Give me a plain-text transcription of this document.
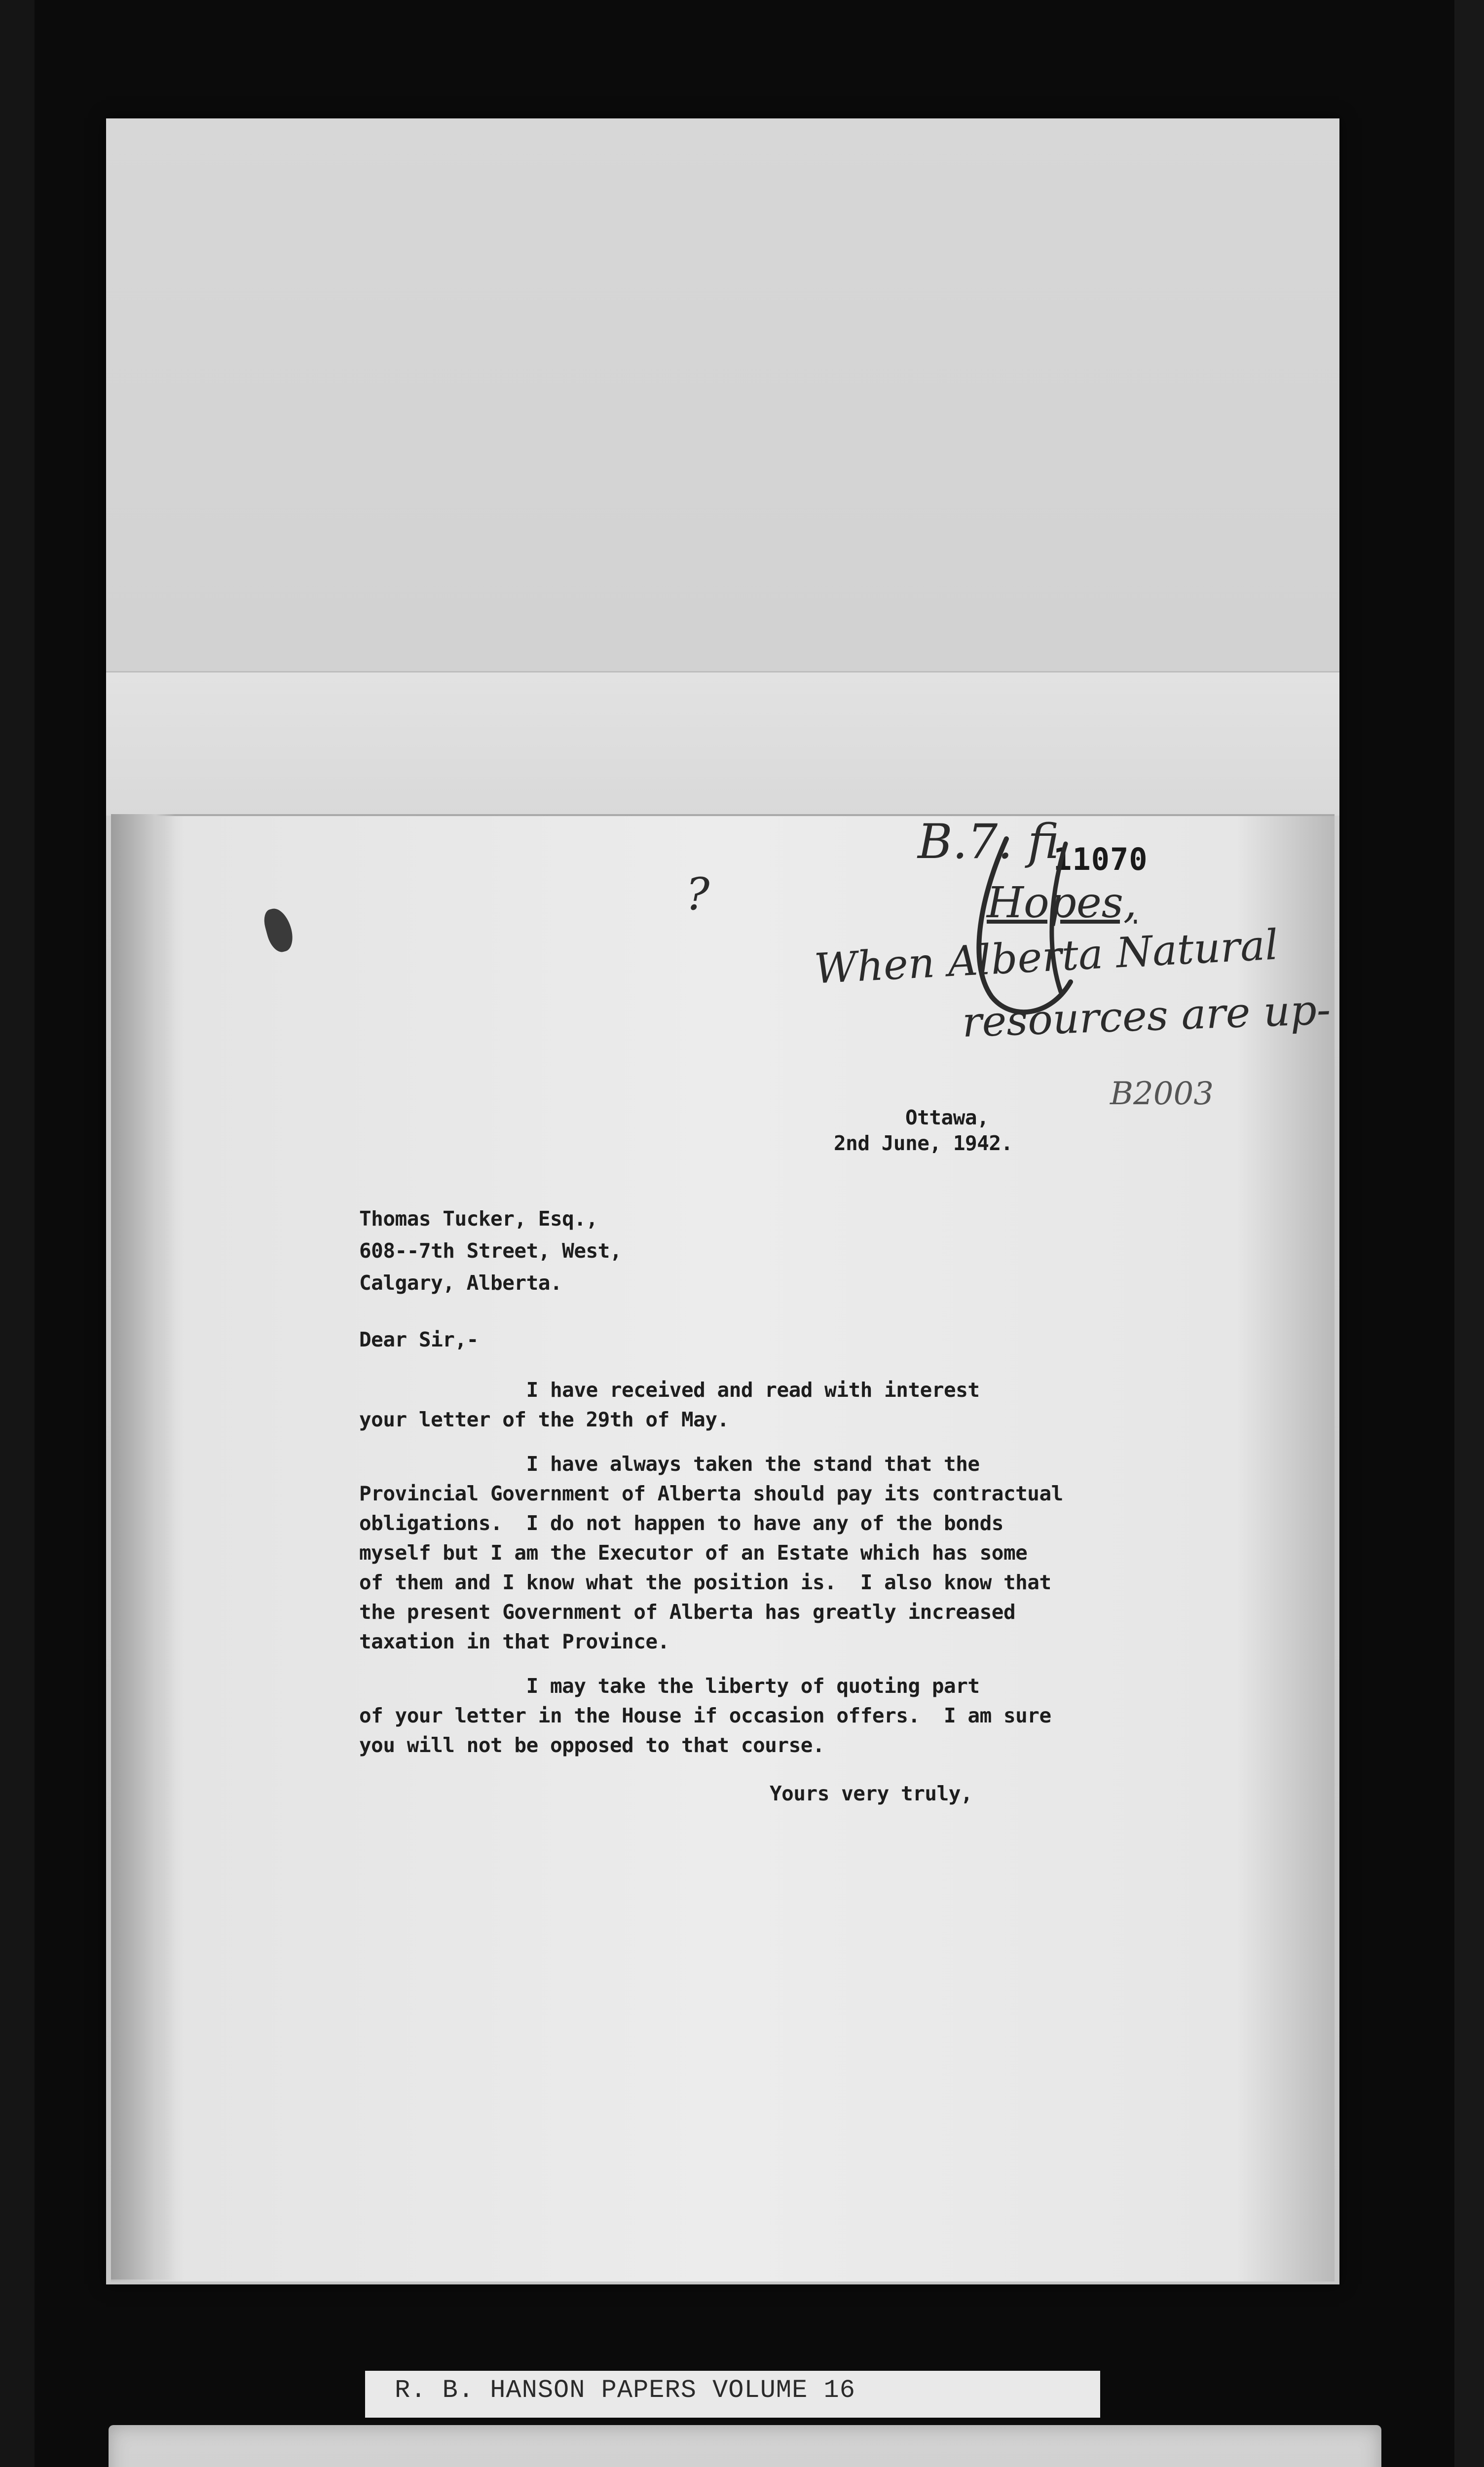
B.7. fi
11070
?	Hopes,
When Alberta Natural
resources are up-
B2003
Ottawa,
2nd June, 1942.
Thomas Tucker, Esq.,
608--7th Street, West,
Calgary, Alberta.
Dear Sir,-
I have received and read with interest
your letter of the 29th of May.
I have always taken the stand that the
Provincial Government of Alberta should pay its contractual
obligations.  I do not happen to have any of the bonds
myself but I am the Executor of an Estate which has some
of them and I know what the position is.  I also know that
the present Government of Alberta has greatly increased
taxation in that Province.
I may take the liberty of quoting part
of your letter in the House if occasion offers.  I am sure
you will not be opposed to that course.
Yours very truly,
R. B. HANSON PAPERS VOLUME 16
